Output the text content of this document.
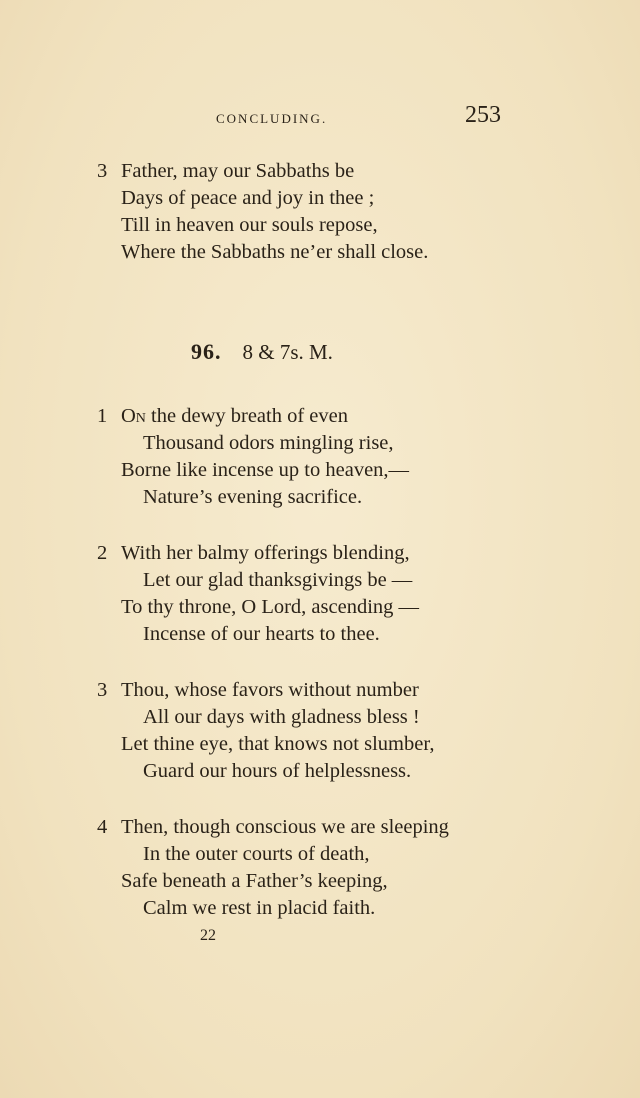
CONCLUDING.	253
3 Father, may our Sabbaths be
Days of peace and joy in thee ;
Till in heaven our souls repose,
Where the Sabbaths ne’er shall close.
96. 8 & 7s. M.
1 On the dewy breath of even
Thousand odors mingling rise,
Borne like incense up to heaven,—
Nature’s evening sacrifice.
2 With her balmy offerings blending,
Let our glad thanksgivings be —
To thy throne, O Lord, ascending —
Incense of our hearts to thee.
3 Thou, whose favors without number
All our days with gladness bless !
Let thine eye, that knows not slumber,
Guard our hours of helplessness.
4 Then, though conscious we are sleeping
In the outer courts of death,
Safe beneath a Father’s keeping,
Calm we rest in placid faith.
22
